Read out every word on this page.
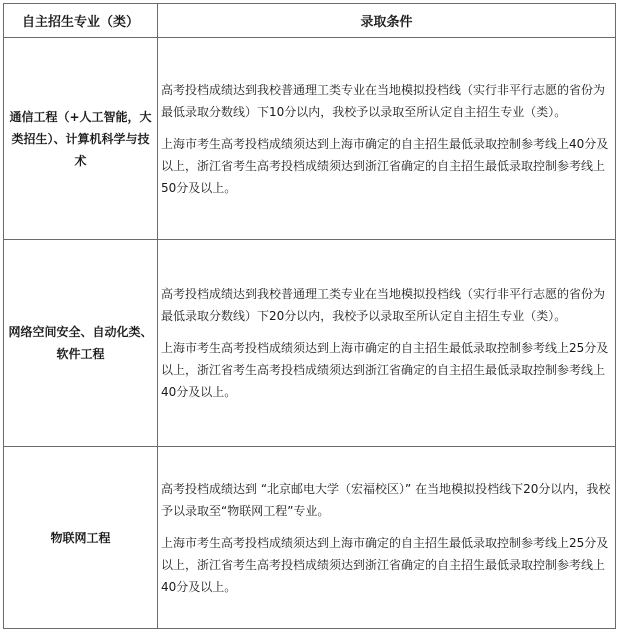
自主招生专业（类）	录取条件
通信工程（+人工智能，大类招生）、计算机科学与技术	高考投档成绩达到我校普通理工类专业在当地模拟投档线（实行非平行志愿的省份为最低录取分数线）下10分以内，我校予以录取至所认定自主招生专业（类）。

上海市考生高考投档成绩须达到上海市确定的自主招生最低录取控制参考线上40分及以上，浙江省考生高考投档成绩须达到浙江省确定的自主招生最低录取控制参考线上50分及以上。

网络空间安全、自动化类、软件工程	高考投档成绩达到我校普通理工类专业在当地模拟投档线（实行非平行志愿的省份为最低录取分数线）下20分以内，我校予以录取至所认定自主招生专业（类）。

上海市考生高考投档成绩须达到上海市确定的自主招生最低录取控制参考线上25分及以上，浙江省考生高考投档成绩须达到浙江省确定的自主招生最低录取控制参考线上40分及以上。

物联网工程	高考投档成绩达到 “北京邮电大学（宏福校区）” 在当地模拟投档线下20分以内，我校予以录取至“物联网工程”专业。

上海市考生高考投档成绩须达到上海市确定的自主招生最低录取控制参考线上25分及以上，浙江省考生高考投档成绩须达到浙江省确定的自主招生最低录取控制参考线上40分及以上。
